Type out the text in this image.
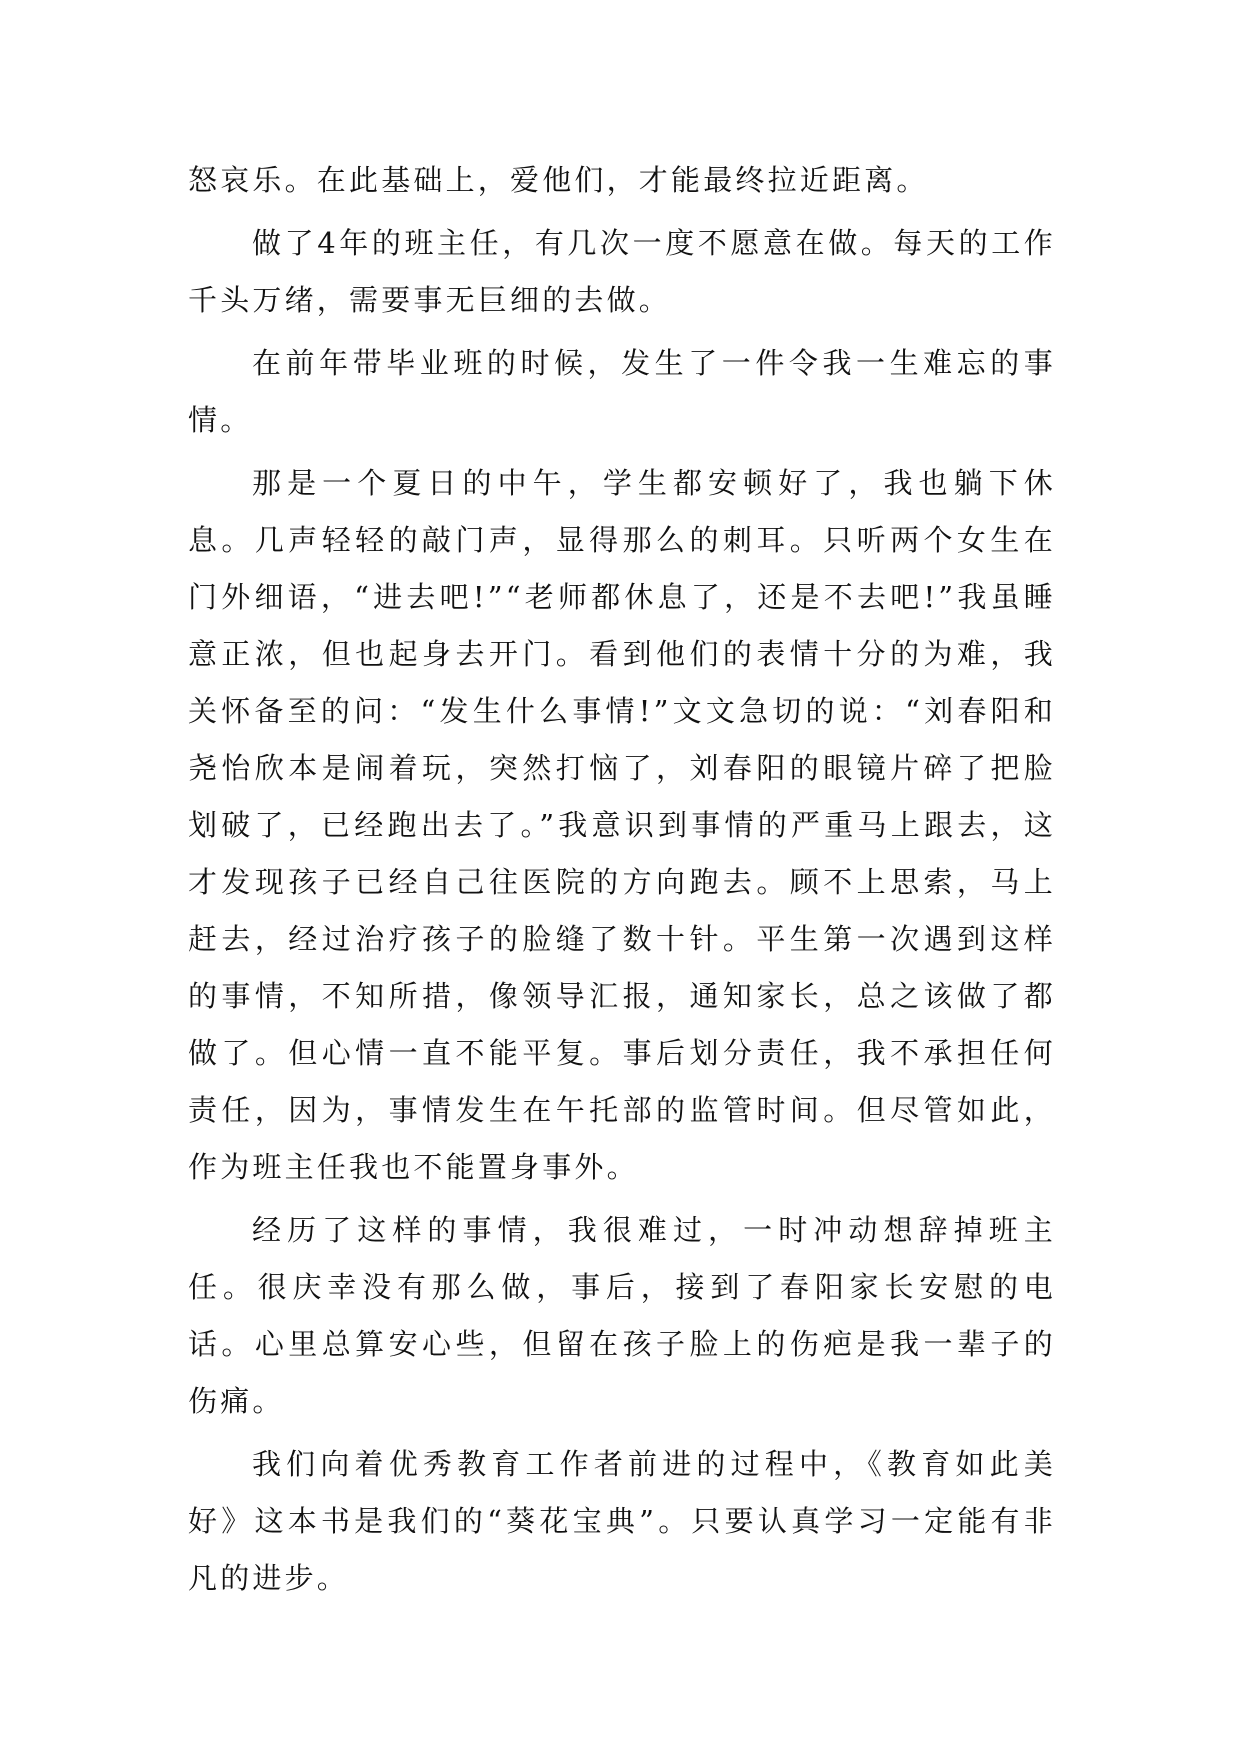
怒哀乐。在此基础上，爱他们，才能最终拉近距离。

做了4年的班主任，有几次一度不愿意在做。每天的工作千头万绪，需要事无巨细的去做。

在前年带毕业班的时候，发生了一件令我一生难忘的事情。

那是一个夏日的中午，学生都安顿好了，我也躺下休息。几声轻轻的敲门声，显得那么的刺耳。只听两个女生在门外细语，“进去吧!”“老师都休息了，还是不去吧!”我虽睡意正浓，但也起身去开门。看到他们的表情十分的为难，我关怀备至的问：“发生什么事情!”文文急切的说：“刘春阳和尧怡欣本是闹着玩，突然打恼了，刘春阳的眼镜片碎了把脸划破了，已经跑出去了。”我意识到事情的严重马上跟去，这才发现孩子已经自己往医院的方向跑去。顾不上思索，马上赶去，经过治疗孩子的脸缝了数十针。平生第一次遇到这样的事情，不知所措，像领导汇报，通知家长，总之该做了都做了。但心情一直不能平复。事后划分责任，我不承担任何责任，因为，事情发生在午托部的监管时间。但尽管如此，作为班主任我也不能置身事外。

经历了这样的事情，我很难过，一时冲动想辞掉班主任。很庆幸没有那么做，事后，接到了春阳家长安慰的电话。心里总算安心些，但留在孩子脸上的伤疤是我一辈子的伤痛。

我们向着优秀教育工作者前进的过程中，《教育如此美好》这本书是我们的“葵花宝典”。只要认真学习一定能有非凡的进步。
